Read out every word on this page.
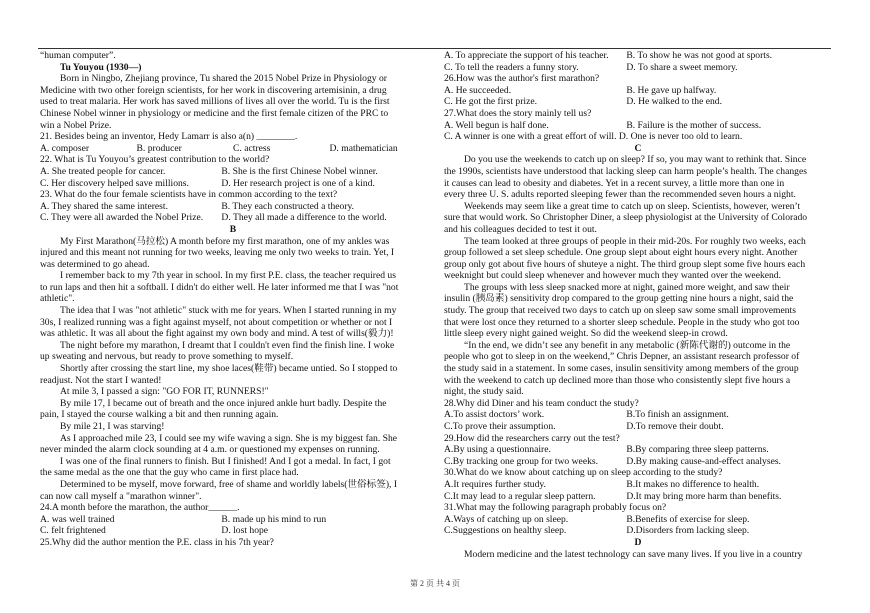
“human computer”.
Tu Youyou (1930—)
Born in Ningbo, Zhejiang province, Tu shared the 2015 Nobel Prize in Physiology or
Medicine with two other foreign scientists, for her work in discovering artemisinin, a drug
used to treat malaria. Her work has saved millions of lives all over the world. Tu is the first
Chinese Nobel winner in physiology or medicine and the first female citizen of the PRC to
win a Nobel Prize.
21. Besides being an inventor, Hedy Lamarr is also a(n) ________.
A. composer	B. producer	C. actress	D. mathematician
22. What is Tu Youyou’s greatest contribution to the world?
A. She treated people for cancer.	B. She is the first Chinese Nobel winner.
C. Her discovery helped save millions.	D. Her research project is one of a kind.
23. What do the four female scientists have in common according to the text?
A. They shared the same interest.	B. They each constructed a theory.
C. They were all awarded the Nobel Prize.	D. They all made a difference to the world.
B
My First Marathon(马拉松) A month before my first marathon, one of my ankles was
injured and this meant not running for two weeks, leaving me only two weeks to train. Yet, I
was determined to go ahead.
I remember back to my 7th year in school. In my first P.E. class, the teacher required us
to run laps and then hit a softball. I didn't do either well. He later informed me that I was "not
athletic".
The idea that I was "not athletic" stuck with me for years. When I started running in my
30s, I realized running was a fight against myself, not about competition or whether or not I
was athletic. It was all about the fight against my own body and mind. A test of wills(毅力)!
The night before my marathon, I dreamt that I couldn't even find the finish line. I woke
up sweating and nervous, but ready to prove something to myself.
Shortly after crossing the start line, my shoe laces(鞋带) became untied. So I stopped to
readjust. Not the start I wanted!
At mile 3, I passed a sign: "GO FOR IT, RUNNERS!"
By mile 17, I became out of breath and the once injured ankle hurt badly. Despite the
pain, I stayed the course walking a bit and then running again.
By mile 21, I was starving!
As I approached mile 23, I could see my wife waving a sign. She is my biggest fan. She
never minded the alarm clock sounding at 4 a.m. or questioned my expenses on running.
I was one of the final runners to finish. But I finished! And I got a medal. In fact, I got
the same medal as the one that the guy who came in first place had.
Determined to be myself, move forward, free of shame and worldly labels(世俗标签), I
can now call myself a "marathon winner".
24.A month before the marathon, the author______.
A. was well trained	B. made up his mind to run
C. felt frightened	D. lost hope
25.Why did the author mention the P.E. class in his 7th year?
A. To appreciate the support of his teacher.	B. To show he was not good at sports.
C. To tell the readers a funny story.	D. To share a sweet memory.
26.How was the author's first marathon?
A. He succeeded.	B. He gave up halfway.
C. He got the first prize.	D. He walked to the end.
27.What does the story mainly tell us?
A. Well begun is half done.	B. Failure is the mother of success.
C. A winner is one with a great effort of will. D. One is never too old to learn.
C
Do you use the weekends to catch up on sleep? If so, you may want to rethink that. Since
the 1990s, scientists have understood that lacking sleep can harm people’s health. The changes
it causes can lead to obesity and diabetes. Yet in a recent survey, a little more than one in
every three U. S. adults reported sleeping fewer than the recommended seven hours a night.
Weekends may seem like a great time to catch up on sleep. Scientists, however, weren’t
sure that would work. So Christopher Diner, a sleep physiologist at the University of Colorado
and his colleagues decided to test it out.
The team looked at three groups of people in their mid-20s. For roughly two weeks, each
group followed a set sleep schedule. One group slept about eight hours every night. Another
group only got about five hours of shuteye a night. The third group slept some five hours each
weeknight but could sleep whenever and however much they wanted over the weekend.
The groups with less sleep snacked more at night, gained more weight, and saw their
insulin (胰岛素) sensitivity drop compared to the group getting nine hours a night, said the
study. The group that received two days to catch up on sleep saw some small improvements
that were lost once they returned to a shorter sleep schedule. People in the study who got too
little sleep every night gained weight. So did the weekend sleep-in crowd.
“In the end, we didn’t see any benefit in any metabolic (新陈代谢的) outcome in the
people who got to sleep in on the weekend,” Chris Depner, an assistant research professor of
the study said in a statement. In some cases, insulin sensitivity among members of the group
with the weekend to catch up declined more than those who consistently slept five hours a
night, the study said.
28.Why did Diner and his team conduct the study?
A.To assist doctors’ work.	B.To finish an assignment.
C.To prove their assumption.	D.To remove their doubt.
29.How did the researchers carry out the test?
A.By using a questionnaire.	B.By comparing three sleep patterns.
C.By tracking one group for two weeks.	D.By making cause-and-effect analyses.
30.What do we know about catching up on sleep according to the study?
A.It requires further study.	B.It makes no difference to health.
C.It may lead to a regular sleep pattern.	D.It may bring more harm than benefits.
31.What may the following paragraph probably focus on?
A.Ways of catching up on sleep.	B.Benefits of exercise for sleep.
C.Suggestions on healthy sleep.	D.Disorders from lacking sleep.
D
Modern medicine and the latest technology can save many lives. If you live in a country
第 2 页 共 4 页
